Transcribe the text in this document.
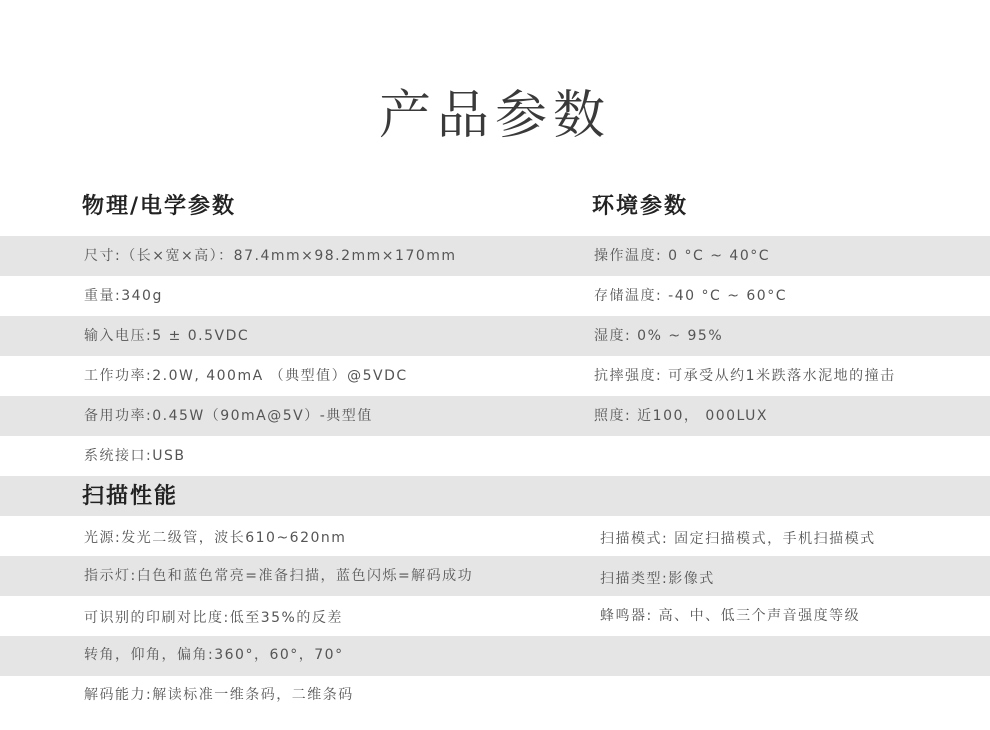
产品参数
物理/电学参数	环境参数
尺寸:（长×宽×高）：87.4mm×98.2mm×170mm
重量:340g
输入电压:5 ± 0.5VDC
工作功率:2.0W, 400mA （典型值）@5VDC
备用功率:0.45W（90mA@5V）-典型值
系统接口:USB
操作温度: 0 °C ~ 40°C
存储温度: -40 °C ~ 60°C
湿度: 0% ~ 95%
抗摔强度: 可承受从约1米跌落水泥地的撞击
照度: 近100， 000LUX
扫描性能
光源:发光二级管，波长610~620nm
指示灯:白色和蓝色常亮=准备扫描，蓝色闪烁=解码成功
可识别的印刷对比度:低至35%的反差
转角，仰角，偏角:360°，60°，70°
解码能力:解读标准一维条码，二维条码
扫描模式: 固定扫描模式，手机扫描模式
扫描类型:影像式
蜂鸣器: 高、中、低三个声音强度等级
